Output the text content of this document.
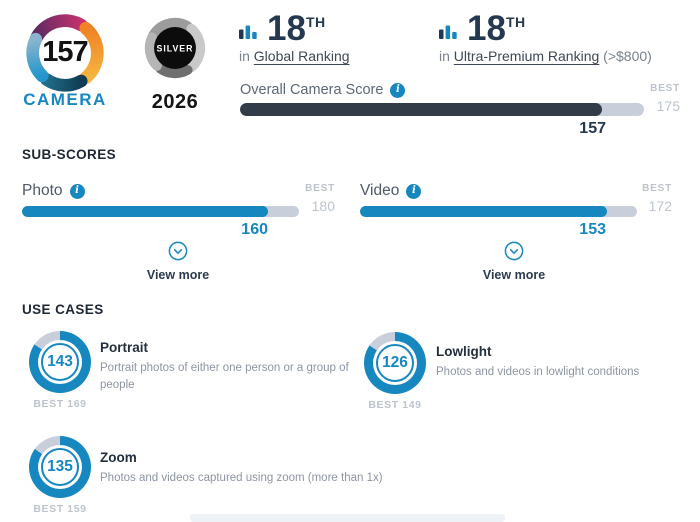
157
CAMERA
SILVER
2026
18TH
in Global Ranking
18TH
in Ultra-Premium Ranking (>$800)
Overall Camera Score	i	BEST
175
157
SUB-SCORES
Photo	i	BEST
180
160
Video	i	BEST
172
153
View more	View more
USE CASES
143
BEST 169
Portrait
Portrait photos of either one person or a group of people
126
BEST 149
Lowlight
Photos and videos in lowlight conditions
135
BEST 159
Zoom
Photos and videos captured using zoom (more than 1x)
